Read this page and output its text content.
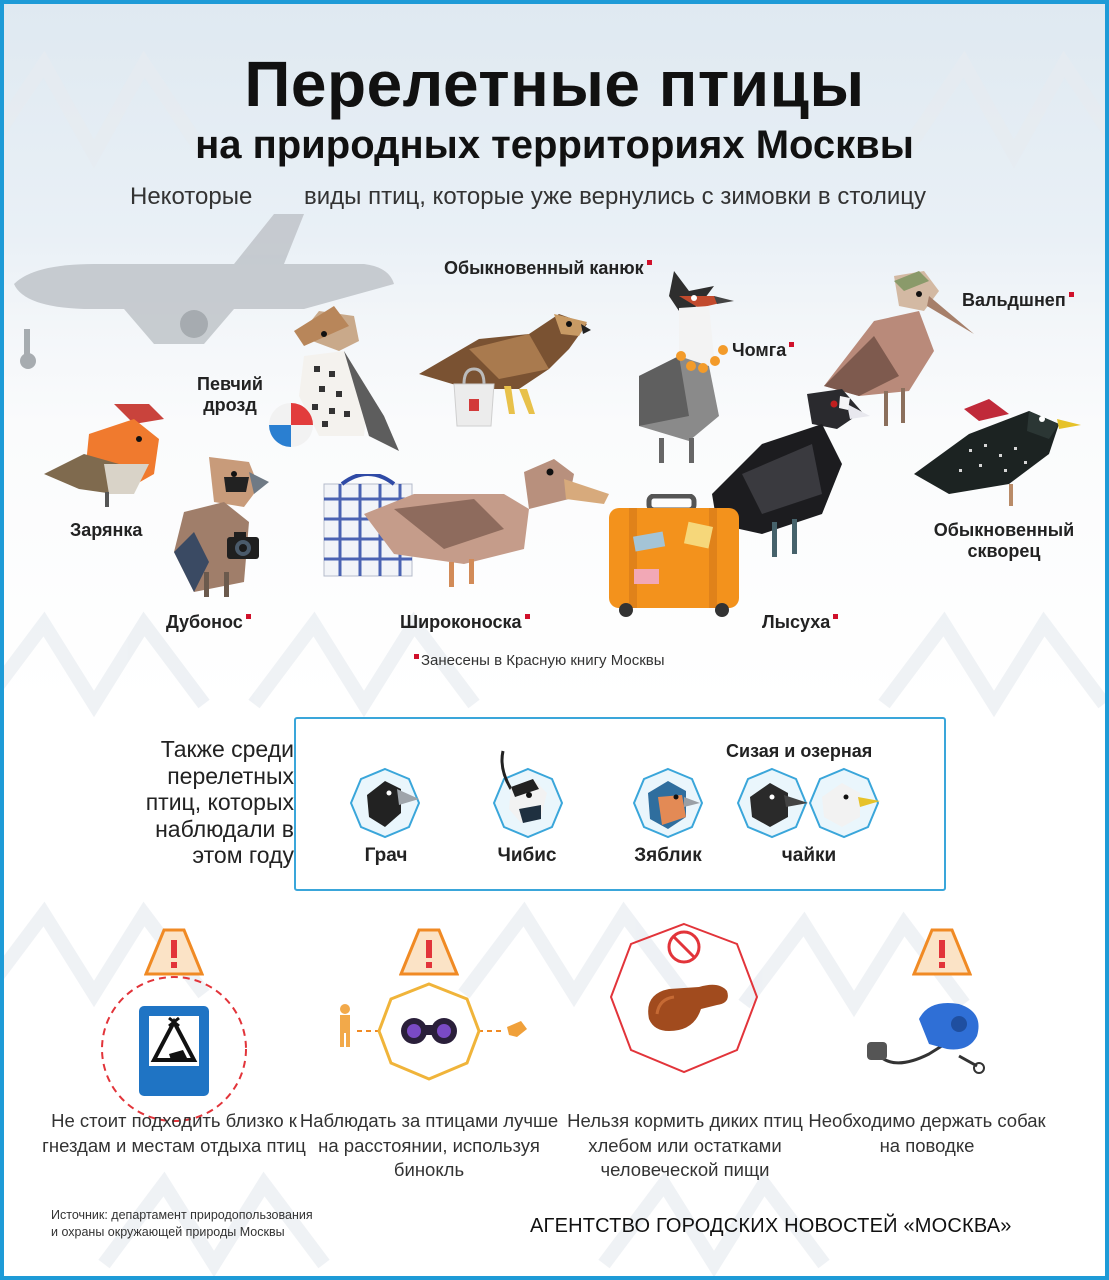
Перелетные птицы
на природных территориях Москвы
Некоторые виды птиц, которые уже вернулись с зимовки в столицу
Обыкновенный канюк
Певчий дрозд
Чомга
Вальдшнеп
Зарянка
Дубонос	Широконоска	Лысуха
Обыкновенный скворец
Занесены в Красную книгу Москвы
Также среди перелетных птиц, которых наблюдали в этом году
Сизая и озерная
Грач	Чибис	Зяблик	чайки
Не стоит подходить близко к гнездам и местам отдыха птиц
Наблюдать за птицами лучше на расстоянии, используя бинокль
Нельзя кормить диких птиц хлебом или остатками человеческой пищи
Необходимо держать собак на поводке
Источник: департамент природопользования
и охраны окружающей природы Москвы	АГЕНТСТВО ГОРОДСКИХ НОВОСТЕЙ «МОСКВА»
